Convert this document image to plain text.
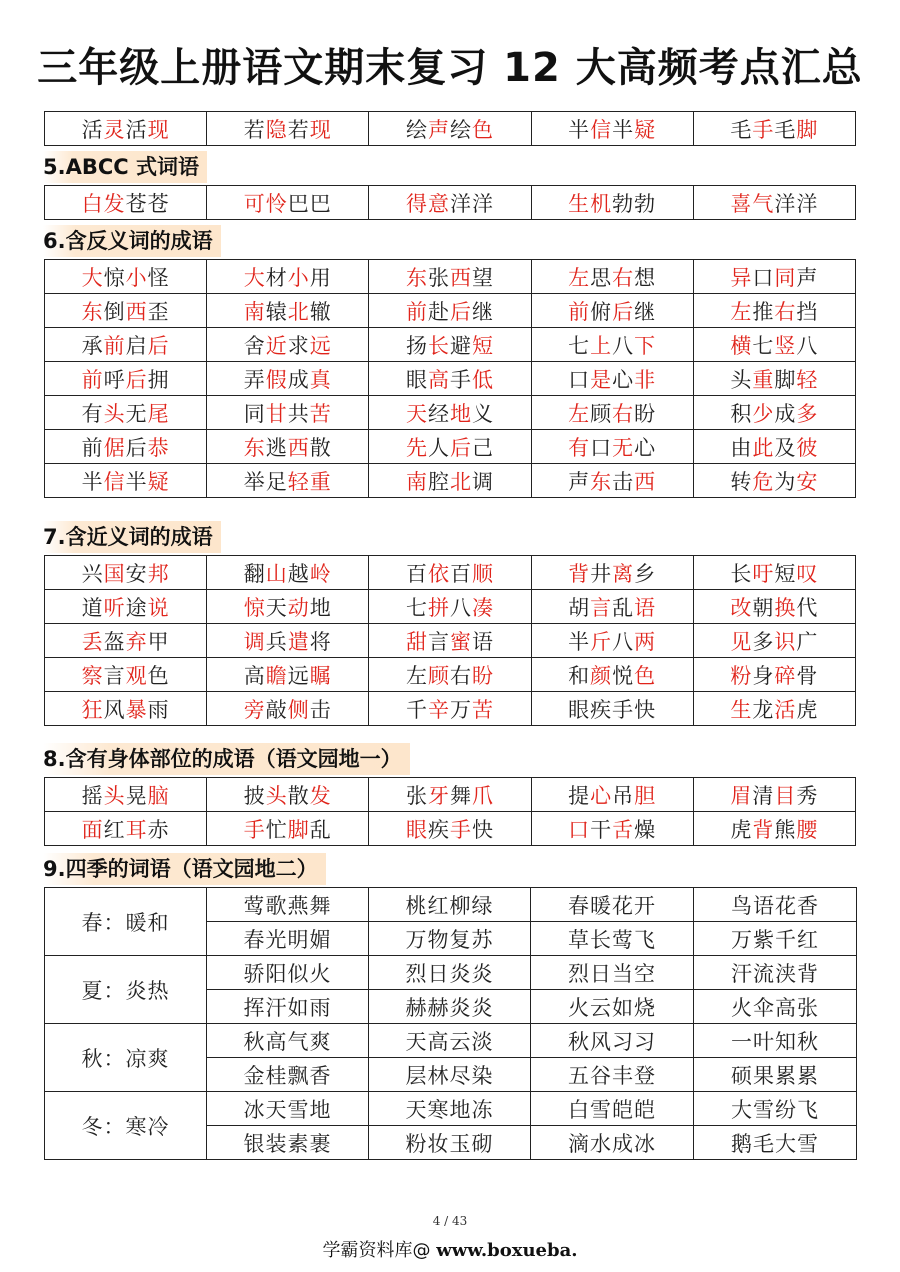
三年级上册语文期末复习 12 大高频考点汇总
活灵活现	若隐若现	绘声绘色	半信半疑	毛手毛脚
5.ABCC 式词语
白发苍苍	可怜巴巴	得意洋洋	生机勃勃	喜气洋洋
6.含反义词的成语
大惊小怪	大材小用	东张西望	左思右想	异口同声
东倒西歪	南辕北辙	前赴后继	前俯后继	左推右挡
承前启后	舍近求远	扬长避短	七上八下	横七竖八
前呼后拥	弄假成真	眼高手低	口是心非	头重脚轻
有头无尾	同甘共苦	天经地义	左顾右盼	积少成多
前倨后恭	东逃西散	先人后己	有口无心	由此及彼
半信半疑	举足轻重	南腔北调	声东击西	转危为安
7.含近义词的成语
兴国安邦	翻山越岭	百依百顺	背井离乡	长吁短叹
道听途说	惊天动地	七拼八凑	胡言乱语	改朝换代
丢盔弃甲	调兵遣将	甜言蜜语	半斤八两	见多识广
察言观色	高瞻远瞩	左顾右盼	和颜悦色	粉身碎骨
狂风暴雨	旁敲侧击	千辛万苦	眼疾手快	生龙活虎
8.含有身体部位的成语（语文园地一）
摇头晃脑	披头散发	张牙舞爪	提心吊胆	眉清目秀
面红耳赤	手忙脚乱	眼疾手快	口干舌燥	虎背熊腰
9.四季的词语（语文园地二）
春：暖和	莺歌燕舞	桃红柳绿	春暖花开	鸟语花香
	春光明媚	万物复苏	草长莺飞	万紫千红
夏：炎热	骄阳似火	烈日炎炎	烈日当空	汗流浃背
	挥汗如雨	赫赫炎炎	火云如烧	火伞高张
秋：凉爽	秋高气爽	天高云淡	秋风习习	一叶知秋
	金桂飘香	层林尽染	五谷丰登	硕果累累
冬：寒冷	冰天雪地	天寒地冻	白雪皑皑	大雪纷飞
	银装素裹	粉妆玉砌	滴水成冰	鹅毛大雪
4 / 43
学霸资料库@ www.boxueba.
